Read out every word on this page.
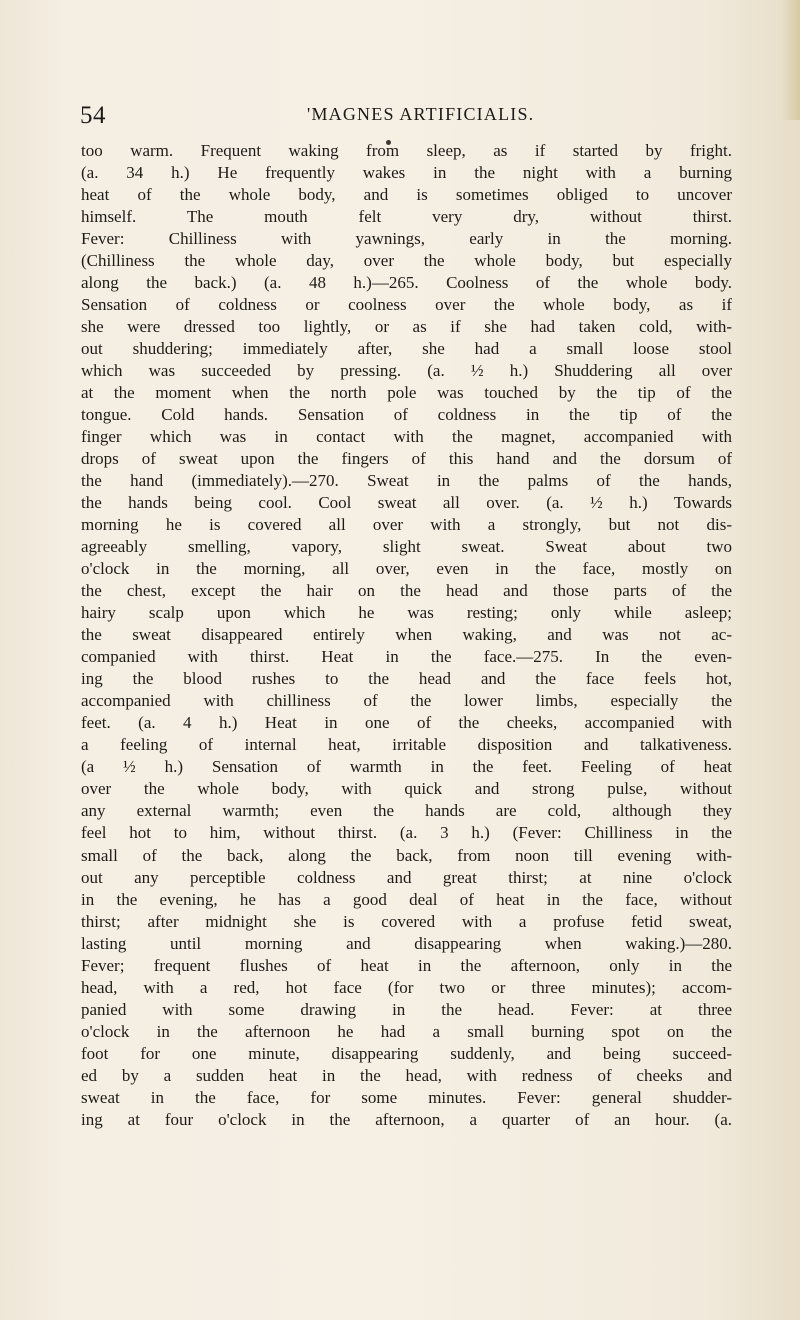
54	'MAGNES ARTIFICIALIS.
too warm. Frequent waking from sleep, as if started by fright.
(a. 34 h.) He frequently wakes in the night with a burning
heat of the whole body, and is sometimes obliged to uncover
himself. The mouth felt very dry, without thirst.
Fever: Chilliness with yawnings, early in the morning.
(Chilliness the whole day, over the whole body, but especially
along the back.) (a. 48 h.)—265. Coolness of the whole body.
Sensation of coldness or coolness over the whole body, as if
she were dressed too lightly, or as if she had taken cold, with-
out shuddering; immediately after, she had a small loose stool
which was succeeded by pressing. (a. ½ h.) Shuddering all over
at the moment when the north pole was touched by the tip of the
tongue. Cold hands. Sensation of coldness in the tip of the
finger which was in contact with the magnet, accompanied with
drops of sweat upon the fingers of this hand and the dorsum of
the hand (immediately).—270. Sweat in the palms of the hands,
the hands being cool. Cool sweat all over. (a. ½ h.) Towards
morning he is covered all over with a strongly, but not dis-
agreeably smelling, vapory, slight sweat. Sweat about two
o'clock in the morning, all over, even in the face, mostly on
the chest, except the hair on the head and those parts of the
hairy scalp upon which he was resting; only while asleep;
the sweat disappeared entirely when waking, and was not ac-
companied with thirst. Heat in the face.—275. In the even-
ing the blood rushes to the head and the face feels hot,
accompanied with chilliness of the lower limbs, especially the
feet. (a. 4 h.) Heat in one of the cheeks, accompanied with
a feeling of internal heat, irritable disposition and talkativeness.
(a ½ h.) Sensation of warmth in the feet. Feeling of heat
over the whole body, with quick and strong pulse, without
any external warmth; even the hands are cold, although they
feel hot to him, without thirst. (a. 3 h.) (Fever: Chilliness in the
small of the back, along the back, from noon till evening with-
out any perceptible coldness and great thirst; at nine o'clock
in the evening, he has a good deal of heat in the face, without
thirst; after midnight she is covered with a profuse fetid sweat,
lasting until morning and disappearing when waking.)—280.
Fever; frequent flushes of heat in the afternoon, only in the
head, with a red, hot face (for two or three minutes); accom-
panied with some drawing in the head. Fever: at three
o'clock in the afternoon he had a small burning spot on the
foot for one minute, disappearing suddenly, and being succeed-
ed by a sudden heat in the head, with redness of cheeks and
sweat in the face, for some minutes. Fever: general shudder-
ing at four o'clock in the afternoon, a quarter of an hour. (a.
